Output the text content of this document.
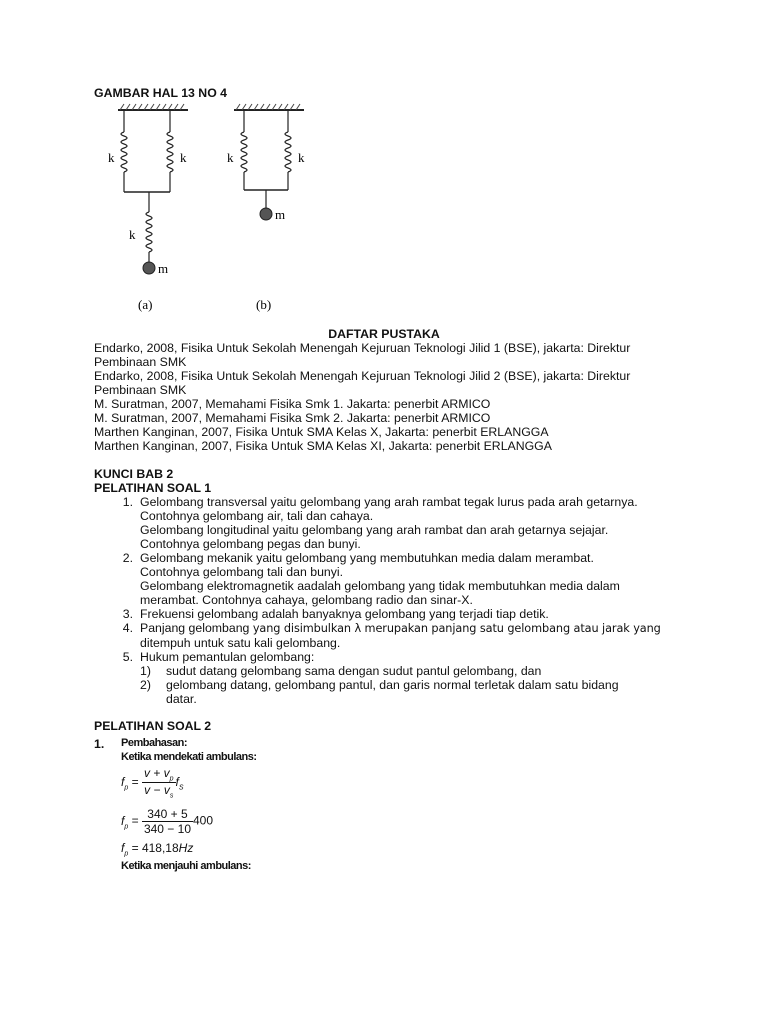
GAMBAR HAL 13 NO 4
k	k
k
m
(a)
k	k
m
(b)
DAFTAR PUSTAKA
Endarko, 2008, Fisika Untuk Sekolah Menengah Kejuruan Teknologi Jilid 1 (BSE), jakarta: Direktur
Pembinaan SMK
Endarko, 2008, Fisika Untuk Sekolah Menengah Kejuruan Teknologi Jilid 2 (BSE), jakarta: Direktur
Pembinaan SMK
M. Suratman, 2007, Memahami Fisika Smk 1. Jakarta: penerbit ARMICO
M. Suratman, 2007, Memahami Fisika Smk 2. Jakarta: penerbit ARMICO
Marthen Kanginan, 2007, Fisika Untuk SMA Kelas X, Jakarta: penerbit ERLANGGA
Marthen Kanginan, 2007, Fisika Untuk SMA Kelas XI, Jakarta: penerbit ERLANGGA
KUNCI BAB 2
PELATIHAN SOAL 1
1. Gelombang transversal yaitu gelombang yang arah rambat tegak lurus pada arah getarnya.
Contohnya gelombang air, tali dan cahaya.
Gelombang longitudinal yaitu gelombang yang arah rambat dan arah getarnya sejajar.
Contohnya gelombang pegas dan bunyi.
2. Gelombang mekanik yaitu gelombang yang membutuhkan media dalam merambat.
Contohnya gelombang tali dan bunyi.
Gelombang elektromagnetik aadalah gelombang yang tidak membutuhkan media dalam
merambat. Contohnya cahaya, gelombang radio dan sinar-X.
3. Frekuensi gelombang adalah banyaknya gelombang yang terjadi tiap detik.
4. Panjang gelombang yang disimbulkan λ merupakan panjang satu gelombang atau jarak yang
ditempuh untuk satu kali gelombang.
5. Hukum pemantulan gelombang:
1)	sudut datang gelombang sama dengan sudut pantul gelombang, dan
2)	gelombang datang, gelombang pantul, dan garis normal terletak dalam satu bidang
datar.
PELATIHAN SOAL 2
1. Pembahasan:
Ketika mendekati ambulans:
$f_p = \frac{v + v_p}{v - v_s} f_S$
$f_p = \frac{340 + 5}{340 - 10} 400$
$f_p = 418,18Hz$
Ketika menjauhi ambulans:
